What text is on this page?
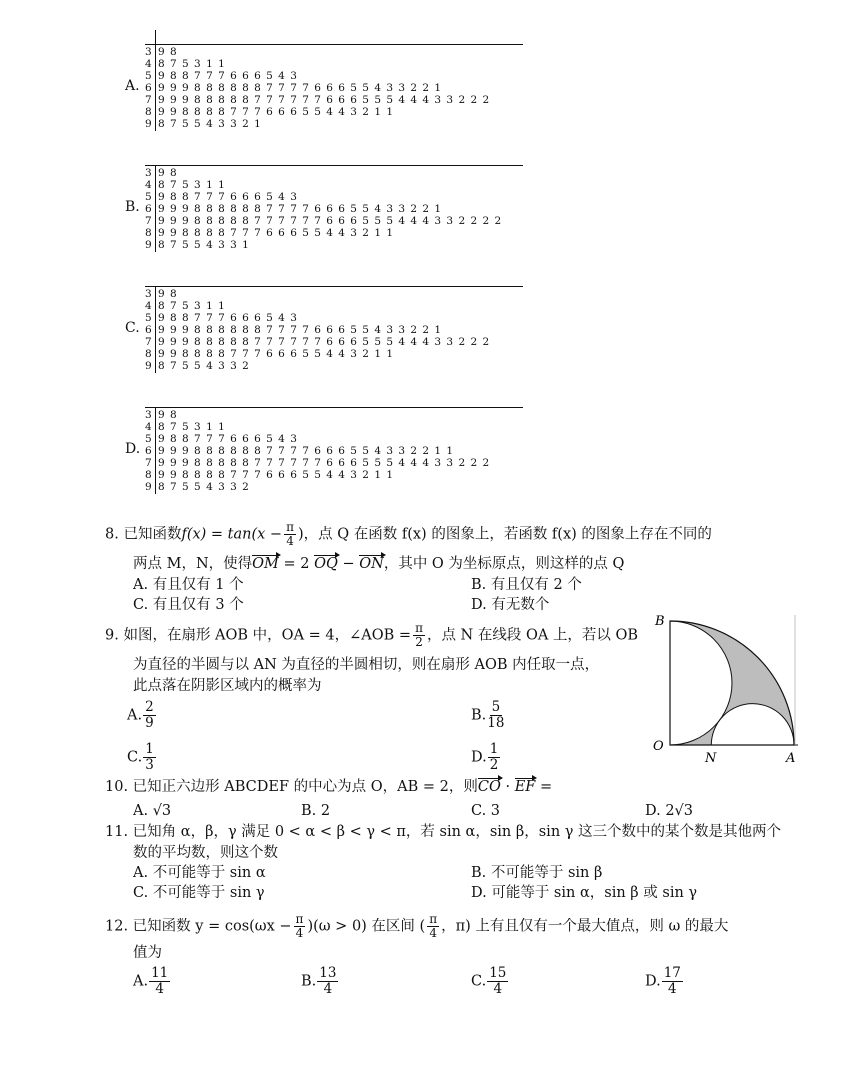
A.
3 9 8
4 8 7 5 3 1 1
5 9 8 8 7 7 7 6 6 6 5 4 3
6 9 9 9 8 8 8 8 8 8 7 7 7 7 6 6 6 5 5 4 3 3 2 2 1
7 9 9 9 8 8 8 8 8 7 7 7 7 7 7 6 6 6 5 5 5 4 4 4 3 3 2 2 2
8 9 9 8 8 8 8 7 7 7 6 6 6 5 5 4 4 3 2 1 1
9 8 7 5 5 4 3 3 2 1
B.
3 9 8
4 8 7 5 3 1 1
5 9 8 8 7 7 7 6 6 6 5 4 3
6 9 9 9 8 8 8 8 8 8 7 7 7 7 6 6 6 5 5 4 3 3 2 2 1
7 9 9 9 8 8 8 8 8 7 7 7 7 7 7 6 6 6 5 5 5 4 4 4 3 3 2 2 2 2
8 9 9 8 8 8 8 7 7 7 6 6 6 5 5 4 4 3 2 1 1
9 8 7 5 5 4 3 3 1
C.
3 9 8
4 8 7 5 3 1 1
5 9 8 8 7 7 7 6 6 6 5 4 3
6 9 9 9 8 8 8 8 8 8 7 7 7 7 6 6 6 5 5 4 3 3 2 2 1
7 9 9 9 8 8 8 8 8 7 7 7 7 7 7 6 6 6 5 5 5 4 4 4 3 3 2 2 2
8 9 9 8 8 8 8 7 7 7 6 6 6 5 5 4 4 3 2 1 1
9 8 7 5 5 4 3 3 2
D.
3 9 8
4 8 7 5 3 1 1
5 9 8 8 7 7 7 6 6 6 5 4 3
6 9 9 9 8 8 8 8 8 8 7 7 7 7 6 6 6 5 5 4 3 3 2 2 1 1
7 9 9 9 8 8 8 8 8 7 7 7 7 7 7 6 6 6 5 5 5 4 4 4 3 3 2 2 2
8 9 9 8 8 8 8 7 7 7 6 6 6 5 5 4 4 3 2 1 1
9 8 7 5 5 4 3 3 2
8. 已知函数$f(x) = \tan(x - \frac{\pi}{4}$ )，点 Q 在函数 f(x) 的图象上，若函数 f(x) 的图象上存在不同的
两点 M，N，使得OM = 2 OQ − ON，其中 O 为坐标原点，则这样的点 Q
A. 有且仅有 1 个	B. 有且仅有 2 个
C. 有且仅有 3 个	D. 有无数个
9. 如图，在扇形 AOB 中，OA = 4，∠AOB = $\frac{\pi}{2}$ ，点 N 在线段 OA 上，若以 OB
为直径的半圆与以 AN 为直径的半圆相切，则在扇形 AOB 内任取一点，
此点落在阴影区域内的概率为
A. $\frac{2}{9}$	B. $\frac{5}{18}$
C. $\frac{1}{3}$	D. $\frac{1}{2}$
B
O
N	A
10. 已知正六边形 ABCDEF 的中心为点 O，AB = 2，则CO · EF =
A. √3	B. 2	C. 3	D. 2√3
11. 已知角 α，β，γ 满足 0 < α < β < γ < π，若 sin α，sin β，sin γ 这三个数中的某个数是其他两个
数的平均数，则这个数
A. 不可能等于 sin α	B. 不可能等于 sin β
C. 不可能等于 sin γ	D. 可能等于 sin α，sin β 或 sin γ
12. 已知函数 $y = \cos(\omega x - \frac{\pi}{4} )(\omega > 0)$ 在区间 ( $\frac{\pi}{4}$ ，π) 上有且仅有一个最大值点，则 ω 的最大
值为
A. $\frac{11}{4}$	B. $\frac{13}{4}$	C. $\frac{15}{4}$	D. $\frac{17}{4}$
